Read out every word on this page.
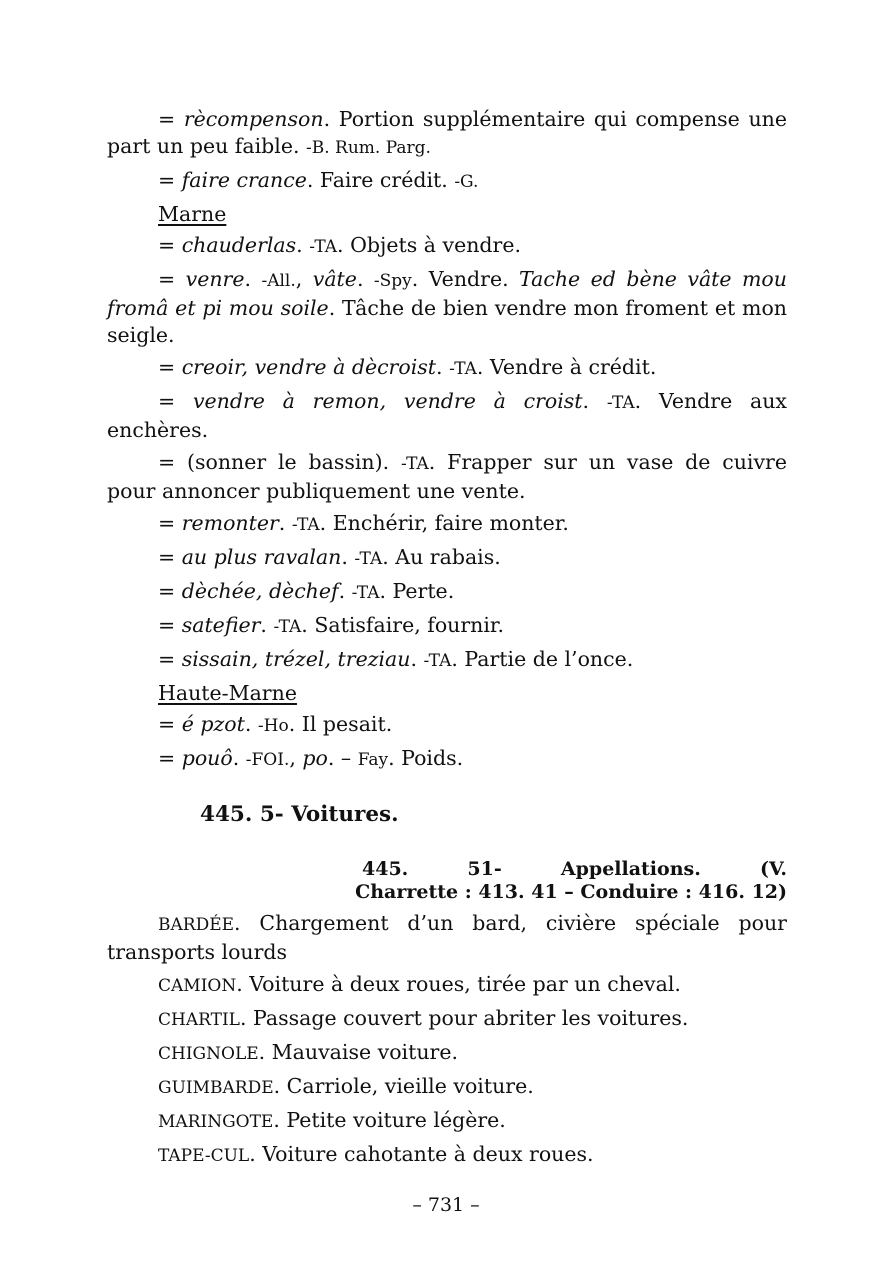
= rècompenson. Portion supplémentaire qui compense une part un peu faible. -B. Rum. Parg.

= faire crance. Faire crédit. -G.

Marne

= chauderlas. -TA. Objets à vendre.

= venre. -All., vâte. -Spy. Vendre. Tache ed bène vâte mou fromâ et pi mou soile. Tâche de bien vendre mon froment et mon seigle.

= creoir, vendre à dècroist. -TA. Vendre à crédit.

= vendre à remon, vendre à croist. -TA. Vendre aux enchères.

= (sonner le bassin). -TA. Frapper sur un vase de cuivre pour annoncer publiquement une vente.

= remonter. -TA. Enchérir, faire monter.

= au plus ravalan. -TA. Au rabais.

= dèchée, dèchef. -TA. Perte.

= satefier. -TA. Satisfaire, fournir.

= sissain, trézel, treziau. -TA. Partie de l’once.

Haute-Marne

= é pzot. -Ho. Il pesait.

= pouô. -FOI., po. – Fay. Poids.

445. 5- Voitures.

445. 51- Appellations. (V.
Charrette : 413. 41 – Conduire : 416. 12)

BARDÉE. Chargement d’un bard, civière spéciale pour transports lourds

CAMION. Voiture à deux roues, tirée par un cheval.

CHARTIL. Passage couvert pour abriter les voitures.

CHIGNOLE. Mauvaise voiture.

GUIMBARDE. Carriole, vieille voiture.

MARINGOTE. Petite voiture légère.

TAPE-CUL. Voiture cahotante à deux roues.

– 731 –
